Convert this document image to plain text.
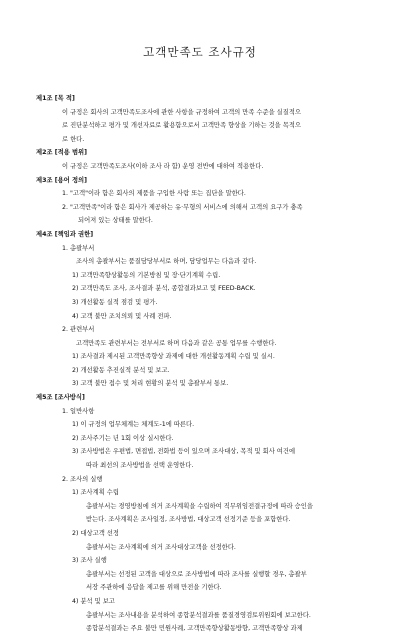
고객만족도 조사규정
제1조 [목 적]
이 규정은 회사의 고객만족도조사에 관한 사항을 규정하여 고객의 만족 수준을 실질적으
로 진단분석하고 평가 및 개선자료로 활용함으로서 고객만족 향상을 기하는 것을 목적으
로 한다.
제2조 [적용 범위]
이 규정은 고객만족도조사(이하 조사 라 함) 운영 전반에 대하여 적용한다.
제3조 [용어 정의]
1. "고객"이라 함은 회사의 제품을 구입한 사람 또는 집단을 말한다.
2. "고객만족"이라 함은 회사가 제공하는 유·무형의 서비스에 의해서 고객의 요구가 충족
되어져 있는 상태를 말한다.
제4조 [책임과 권한]
1. 총괄부서
조사의 총괄부서는 품질담당부서로 하며, 담당업무는 다음과 같다.
1) 고객만족향상활동의 기본방침 및 장·단기계획 수립.
2) 고객만족도 조사, 조사결과 분석, 종합결과보고 및 FEED-BACK.
3) 개선활동 실적 점검 및 평가.
4) 고객 불만 조치의뢰 및 사례 전파.
2. 관련부서
고객만족도 관련부서는 전부서로 하며 다음과 같은 공통 업무를 수행한다.
1) 조사결과 제시된 고객만족향상 과제에 대한 개선활동계획 수립 및 실시.
2) 개선활동 추진실적 분석 및 보고.
3) 고객 불만 접수 및 처리 현황의 분석 및 총괄부서 통보.
제5조 [조사방식]
1. 일반사항
1) 이 규정의 업무체계는 체계도-1에 따른다.
2) 조사주기는 년 1회 이상 실시한다.
3) 조사방법은 우편법, 면접법, 전화법 등이 있으며 조사대상, 목적 및 회사 여건에
따라 최선의 조사방법을 선택 운영한다.
2. 조사의 실행
1) 조사계획 수립
총괄부서는 경영방침에 의거 조사계획을 수립하여 직무위임전결규정에 따라 승인을
받는다. 조사계획은 조사일정, 조사방법, 대상고객 선정기준 등을 포함한다.
2) 대상고객 선정
총괄부서는 조사계획에 의거 조사대상고객을 선정한다.
3) 조사 실행
총괄부서는 선정된 고객을 대상으로 조사방법에 따라 조사를 실행할 경우, 총괄부
서장 주관하에 응답을 제고를 위해 만전을 기한다.
4) 분석 및 보고
총괄부서는 조사내용을 분석하여 종합분석결과를 품질경영검토위원회에 보고한다.
종합분석결과는 주요 불만 민원사례, 고객만족향상활동방향, 고객만족향상 과제
